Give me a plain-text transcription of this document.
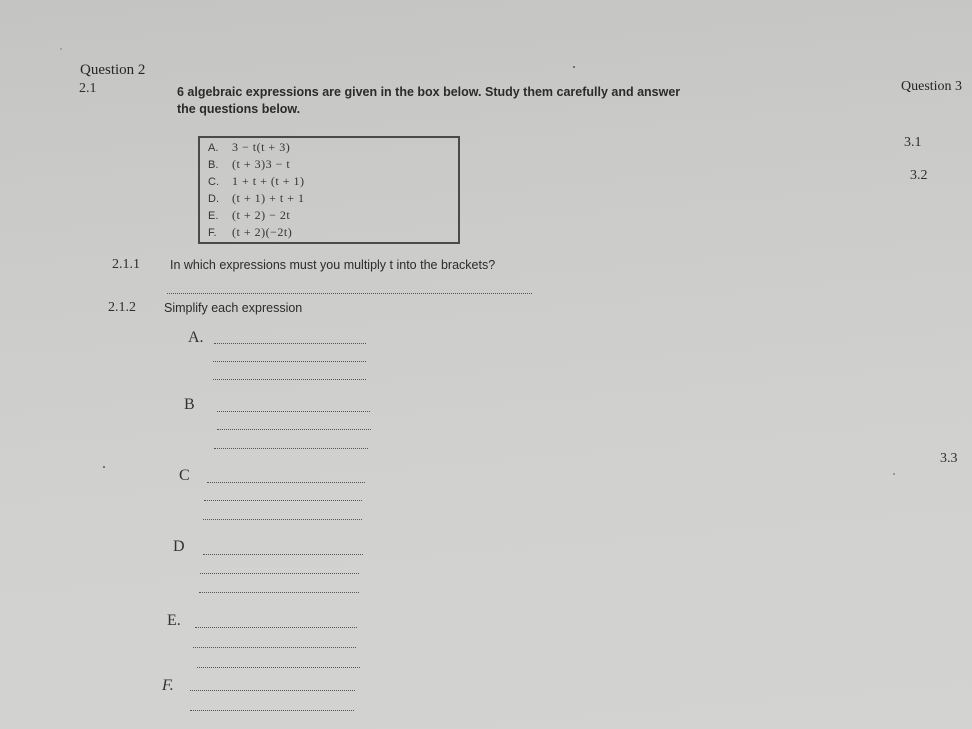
Question 2
2.1	6 algebraic expressions are given in the box below. Study them carefully and answer
the questions below.
A. 3 − t(t + 3)
B. (t + 3)3 − t
C. 1 + t + (t + 1)
D. (t + 1) + t + 1
E. (t + 2) − 2t
F. (t + 2)(−2t)
2.1.1 In which expressions must you multiply t into the brackets?
2.1.2 Simplify each expression
A.
B
C
D
E.
F.
Question 3
3.1
3.2
3.3
